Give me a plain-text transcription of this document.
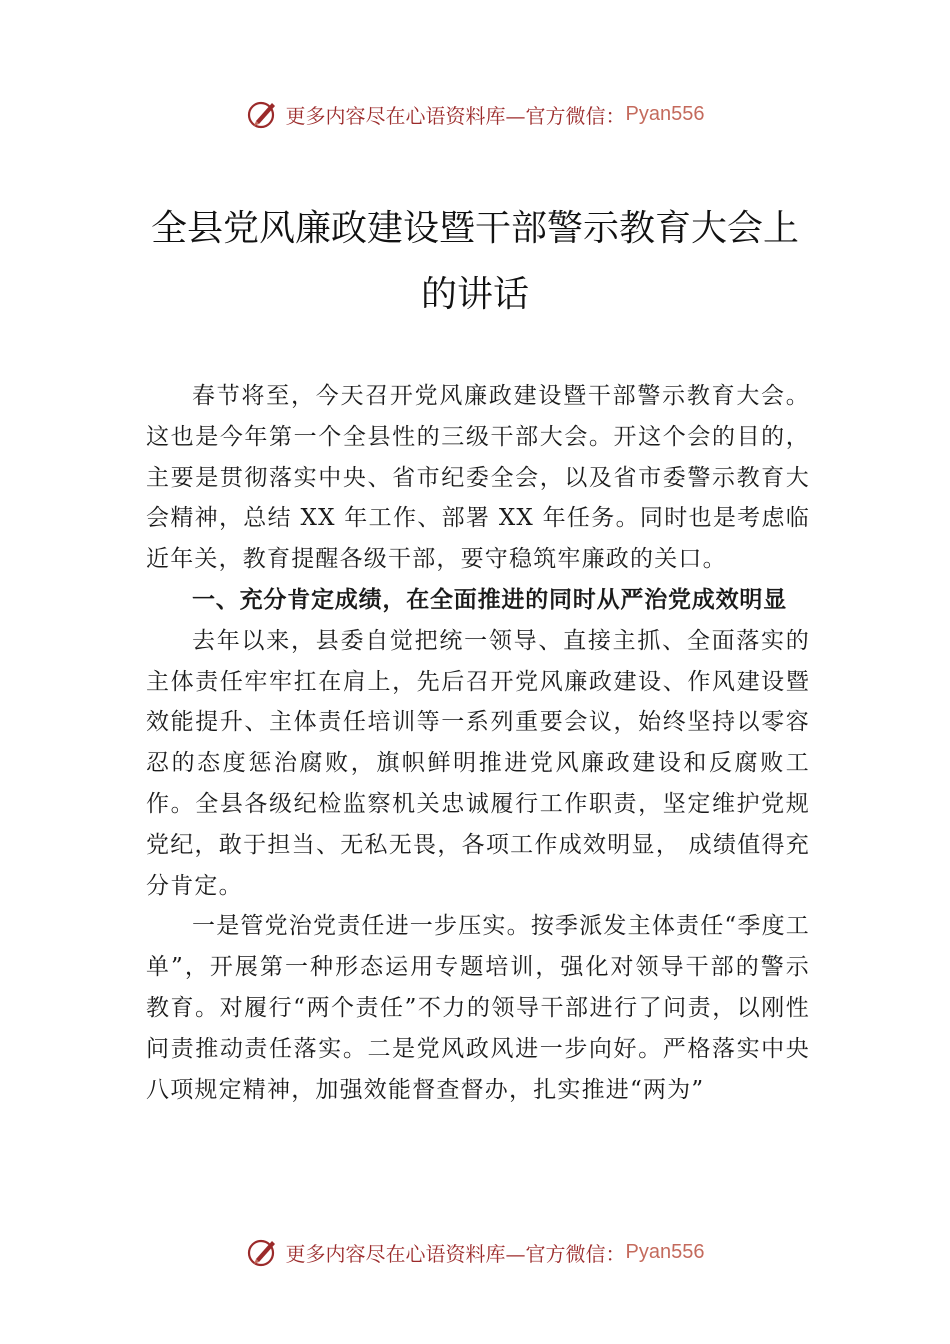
更多内容尽在心语资料库—官方微信： Pyan556
全县党风廉政建设暨干部警示教育大会上
的讲话

春节将至，今天召开党风廉政建设暨干部警示教育大会。这也是今年第一个全县性的三级干部大会。开这个会的目的，主要是贯彻落实中央、省市纪委全会，以及省市委警示教育大会精神，总结 XX 年工作、部署 XX 年任务。同时也是考虑临近年关，教育提醒各级干部，要守稳筑牢廉政的关口。

一、充分肯定成绩，在全面推进的同时从严治党成效明显

去年以来，县委自觉把统一领导、直接主抓、全面落实的主体责任牢牢扛在肩上，先后召开党风廉政建设、作风建设暨效能提升、主体责任培训等一系列重要会议，始终坚持以零容忍的态度惩治腐败，旗帜鲜明推进党风廉政建设和反腐败工作。全县各级纪检监察机关忠诚履行工作职责，坚定维护党规党纪，敢于担当、无私无畏，各项工作成效明显， 成绩值得充分肯定。

一是管党治党责任进一步压实。按季派发主体责任“季度工单”，开展第一种形态运用专题培训，强化对领导干部的警示教育。对履行“两个责任”不力的领导干部进行了问责，以刚性问责推动责任落实。二是党风政风进一步向好。严格落实中央八项规定精神，加强效能督查督办，扎实推进“两为”

更多内容尽在心语资料库—官方微信： Pyan556
